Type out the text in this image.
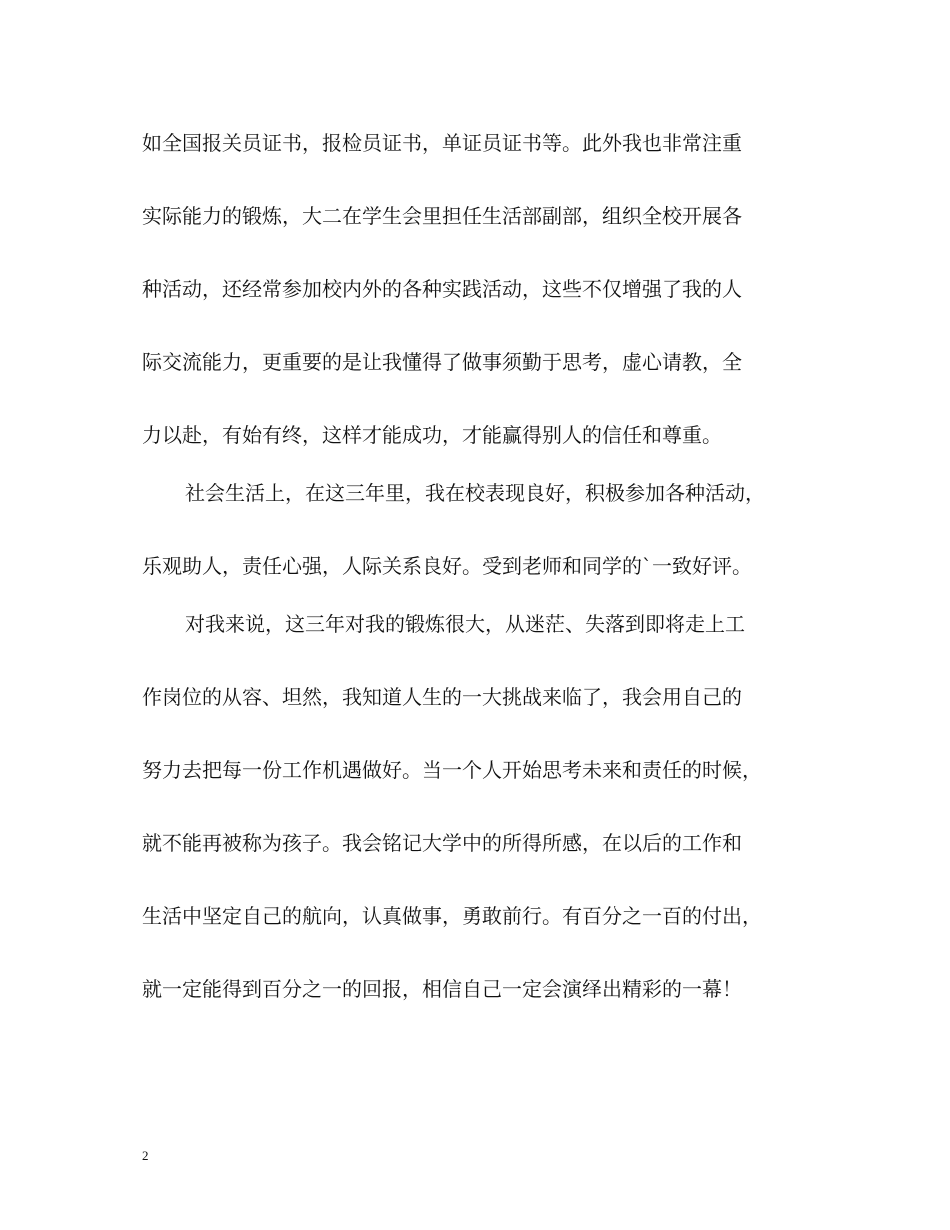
如全国报关员证书，报检员证书，单证员证书等。此外我也非常注重
实际能力的锻炼，大二在学生会里担任生活部副部，组织全校开展各
种活动，还经常参加校内外的各种实践活动，这些不仅增强了我的人
际交流能力，更重要的是让我懂得了做事须勤于思考，虚心请教，全
力以赴，有始有终，这样才能成功，才能赢得别人的信任和尊重。
社会生活上，在这三年里，我在校表现良好，积极参加各种活动，
乐观助人，责任心强，人际关系良好。受到老师和同学的`一致好评。
对我来说，这三年对我的锻炼很大，从迷茫、失落到即将走上工
作岗位的从容、坦然，我知道人生的一大挑战来临了，我会用自己的
努力去把每一份工作机遇做好。当一个人开始思考未来和责任的时候，
就不能再被称为孩子。我会铭记大学中的所得所感，在以后的工作和
生活中坚定自己的航向，认真做事，勇敢前行。有百分之一百的付出，
就一定能得到百分之一的回报，相信自己一定会演绎出精彩的一幕！
2
